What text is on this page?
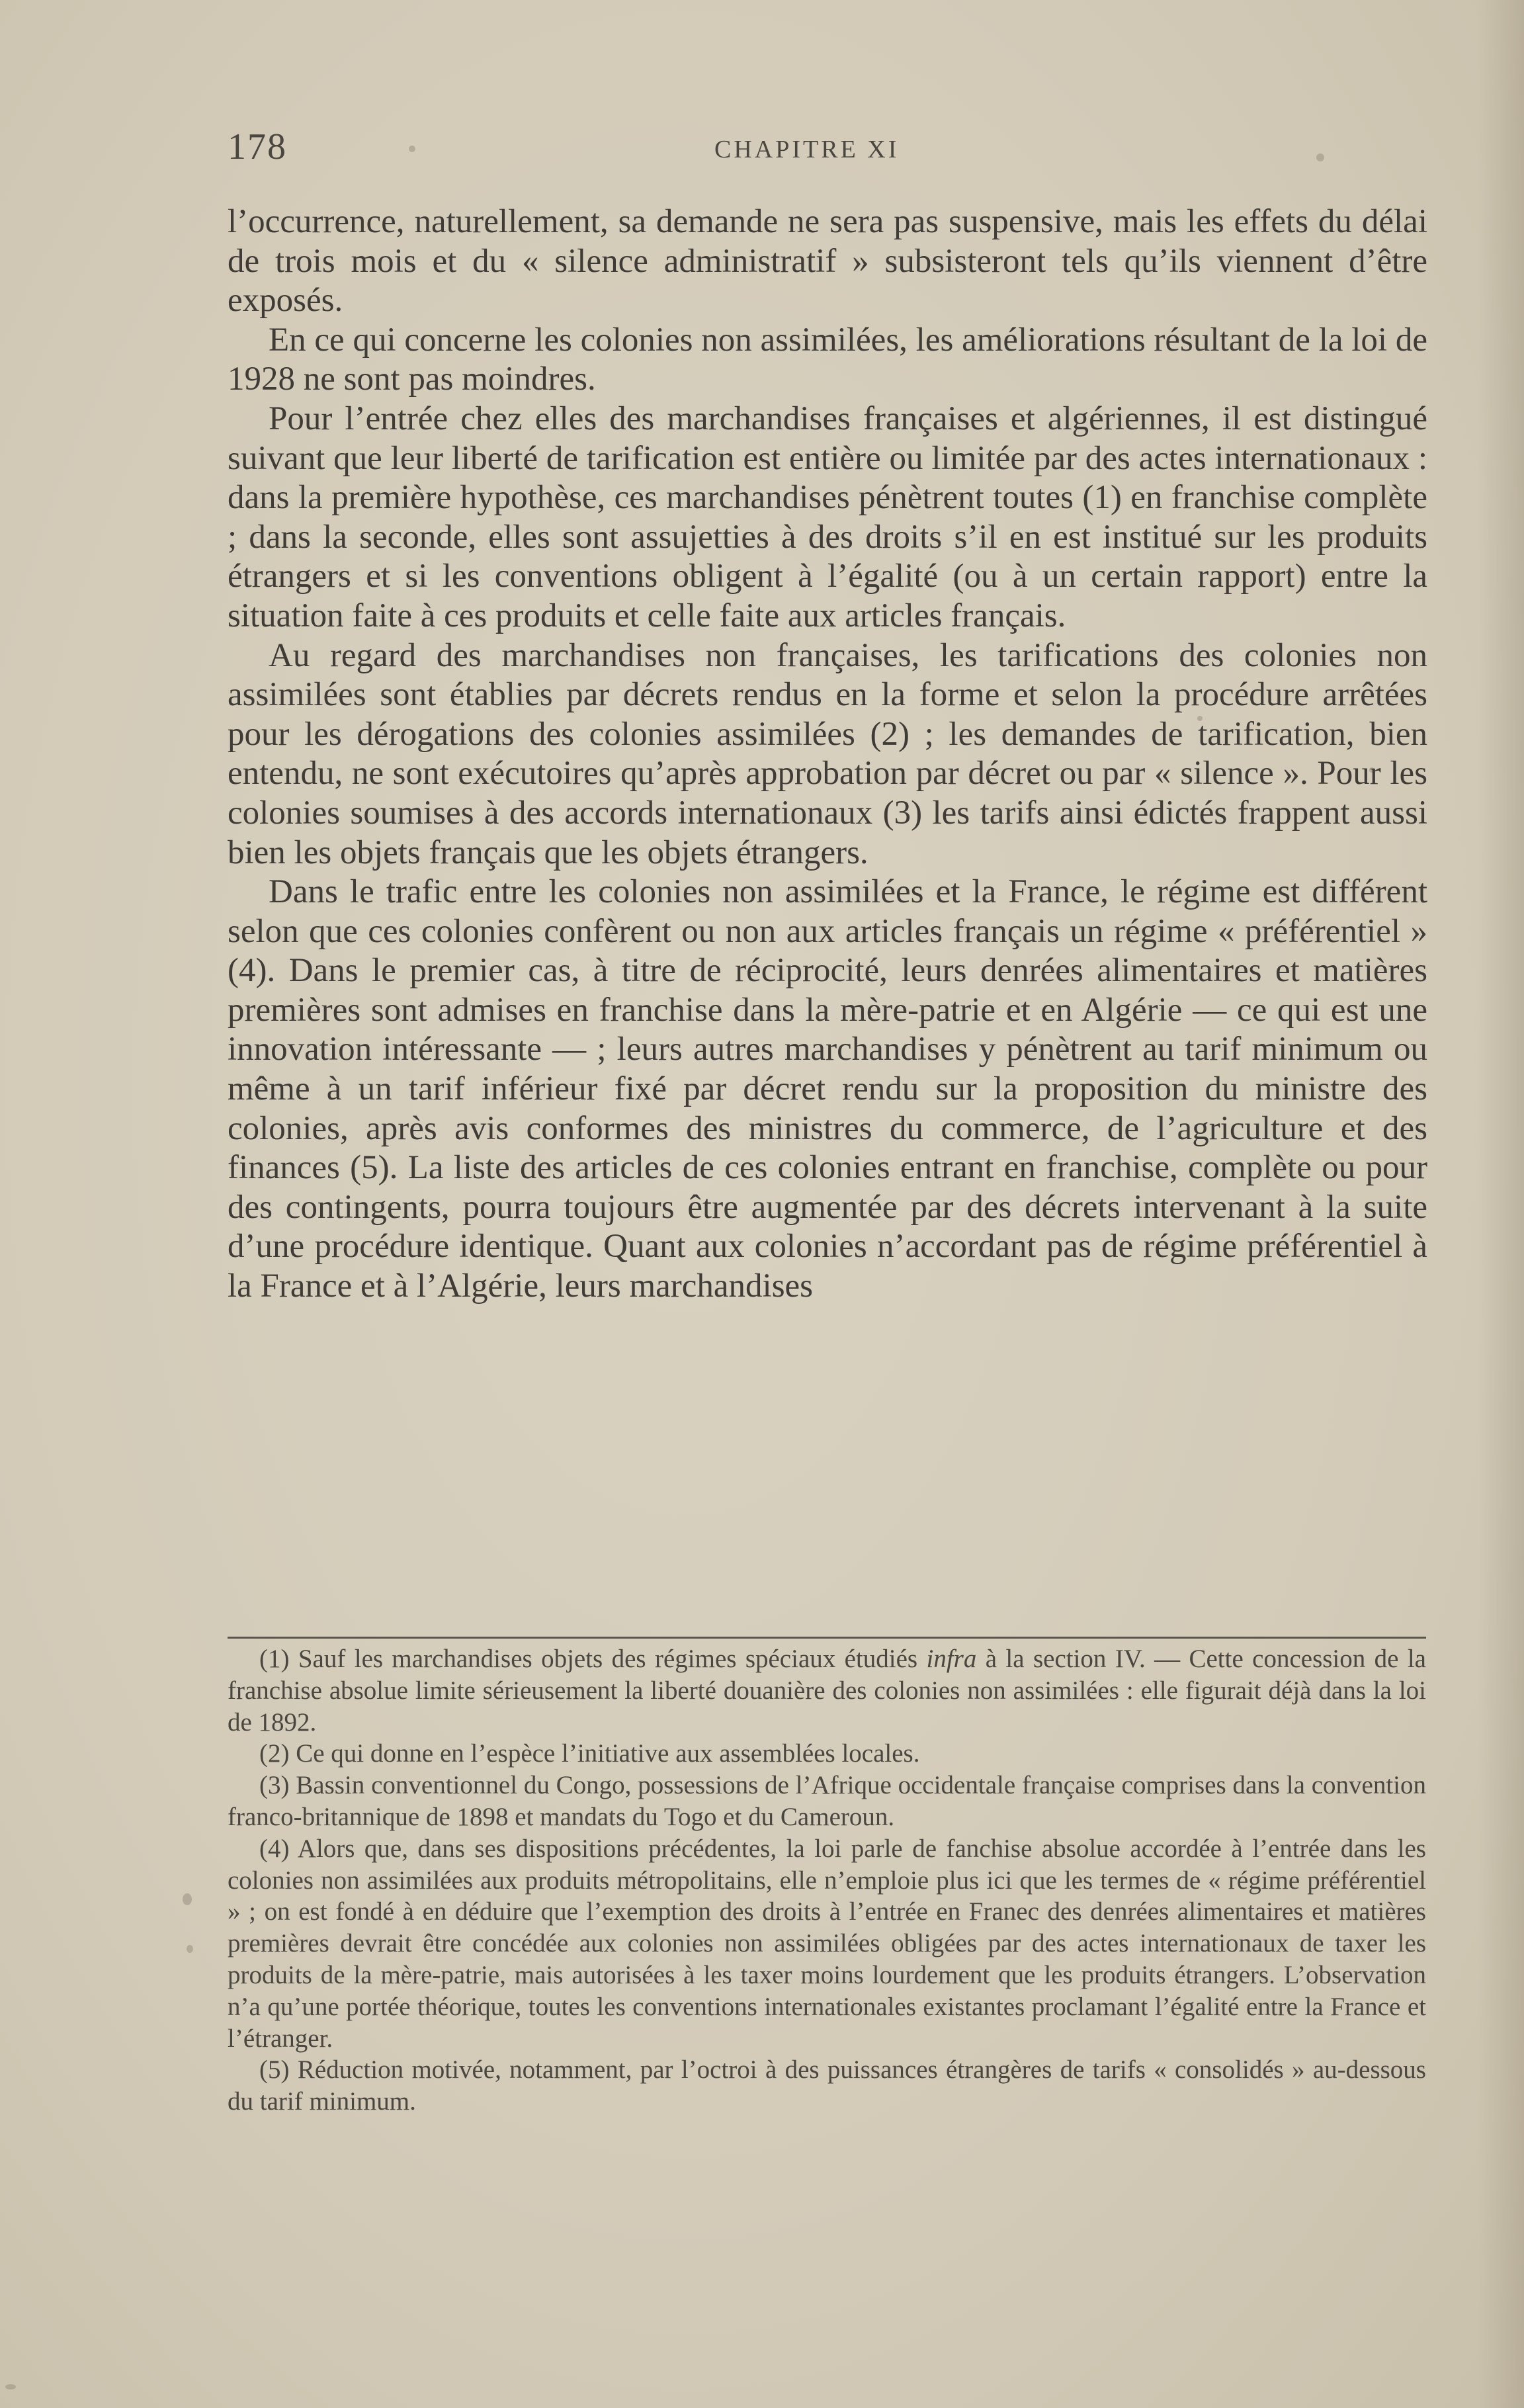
178	CHAPITRE XI

l’occurrence, naturellement, sa demande ne sera pas suspensive, mais les effets du délai de trois mois et du « silence administratif » subsisteront tels qu’ils viennent d’être exposés.

En ce qui concerne les colonies non assimilées, les améliorations résultant de la loi de 1928 ne sont pas moindres.

Pour l’entrée chez elles des marchandises françaises et algériennes, il est distingué suivant que leur liberté de tarification est entière ou limitée par des actes internationaux : dans la première hypothèse, ces marchandises pénètrent toutes (1) en franchise complète ; dans la seconde, elles sont assujetties à des droits s’il en est institué sur les produits étrangers et si les conventions obligent à l’égalité (ou à un certain rapport) entre la situation faite à ces produits et celle faite aux articles français.

Au regard des marchandises non françaises, les tarifications des colonies non assimilées sont établies par décrets rendus en la forme et selon la procédure arrêtées pour les dérogations des colonies assimilées (2) ; les demandes de tarification, bien entendu, ne sont exécutoires qu’après approbation par décret ou par « silence ». Pour les colonies soumises à des accords internationaux (3) les tarifs ainsi édictés frappent aussi bien les objets français que les objets étrangers.

Dans le trafic entre les colonies non assimilées et la France, le régime est différent selon que ces colonies confèrent ou non aux articles français un régime « préférentiel » (4). Dans le premier cas, à titre de réciprocité, leurs denrées alimentaires et matières premières sont admises en franchise dans la mère-patrie et en Algérie — ce qui est une innovation intéressante — ; leurs autres marchandises y pénètrent au tarif minimum ou même à un tarif inférieur fixé par décret rendu sur la proposition du ministre des colonies, après avis conformes des ministres du commerce, de l’agriculture et des finances (5). La liste des articles de ces colonies entrant en franchise, complète ou pour des contingents, pourra toujours être augmentée par des décrets intervenant à la suite d’une procédure identique. Quant aux colonies n’accordant pas de régime préférentiel à la France et à l’Algérie, leurs marchandises

(1) Sauf les marchandises objets des régimes spéciaux étudiés infra à la section IV. — Cette concession de la franchise absolue limite sérieusement la liberté douanière des colonies non assimilées : elle figurait déjà dans la loi de 1892.

(2) Ce qui donne en l’espèce l’initiative aux assemblées locales.

(3) Bassin conventionnel du Congo, possessions de l’Afrique occidentale française comprises dans la convention franco-britannique de 1898 et mandats du Togo et du Cameroun.

(4) Alors que, dans ses dispositions précédentes, la loi parle de fanchise absolue accordée à l’entrée dans les colonies non assimilées aux produits métropolitains, elle n’emploie plus ici que les termes de « régime préférentiel » ; on est fondé à en déduire que l’exemption des droits à l’entrée en Franec des denrées alimentaires et matières premières devrait être concédée aux colonies non assimilées obligées par des actes internationaux de taxer les produits de la mère-patrie, mais autorisées à les taxer moins lourdement que les produits étrangers. L’observation n’a qu’une portée théorique, toutes les conventions internationales existantes proclamant l’égalité entre la France et l’étranger.

(5) Réduction motivée, notamment, par l’octroi à des puissances étrangères de tarifs « consolidés » au-dessous du tarif minimum.
